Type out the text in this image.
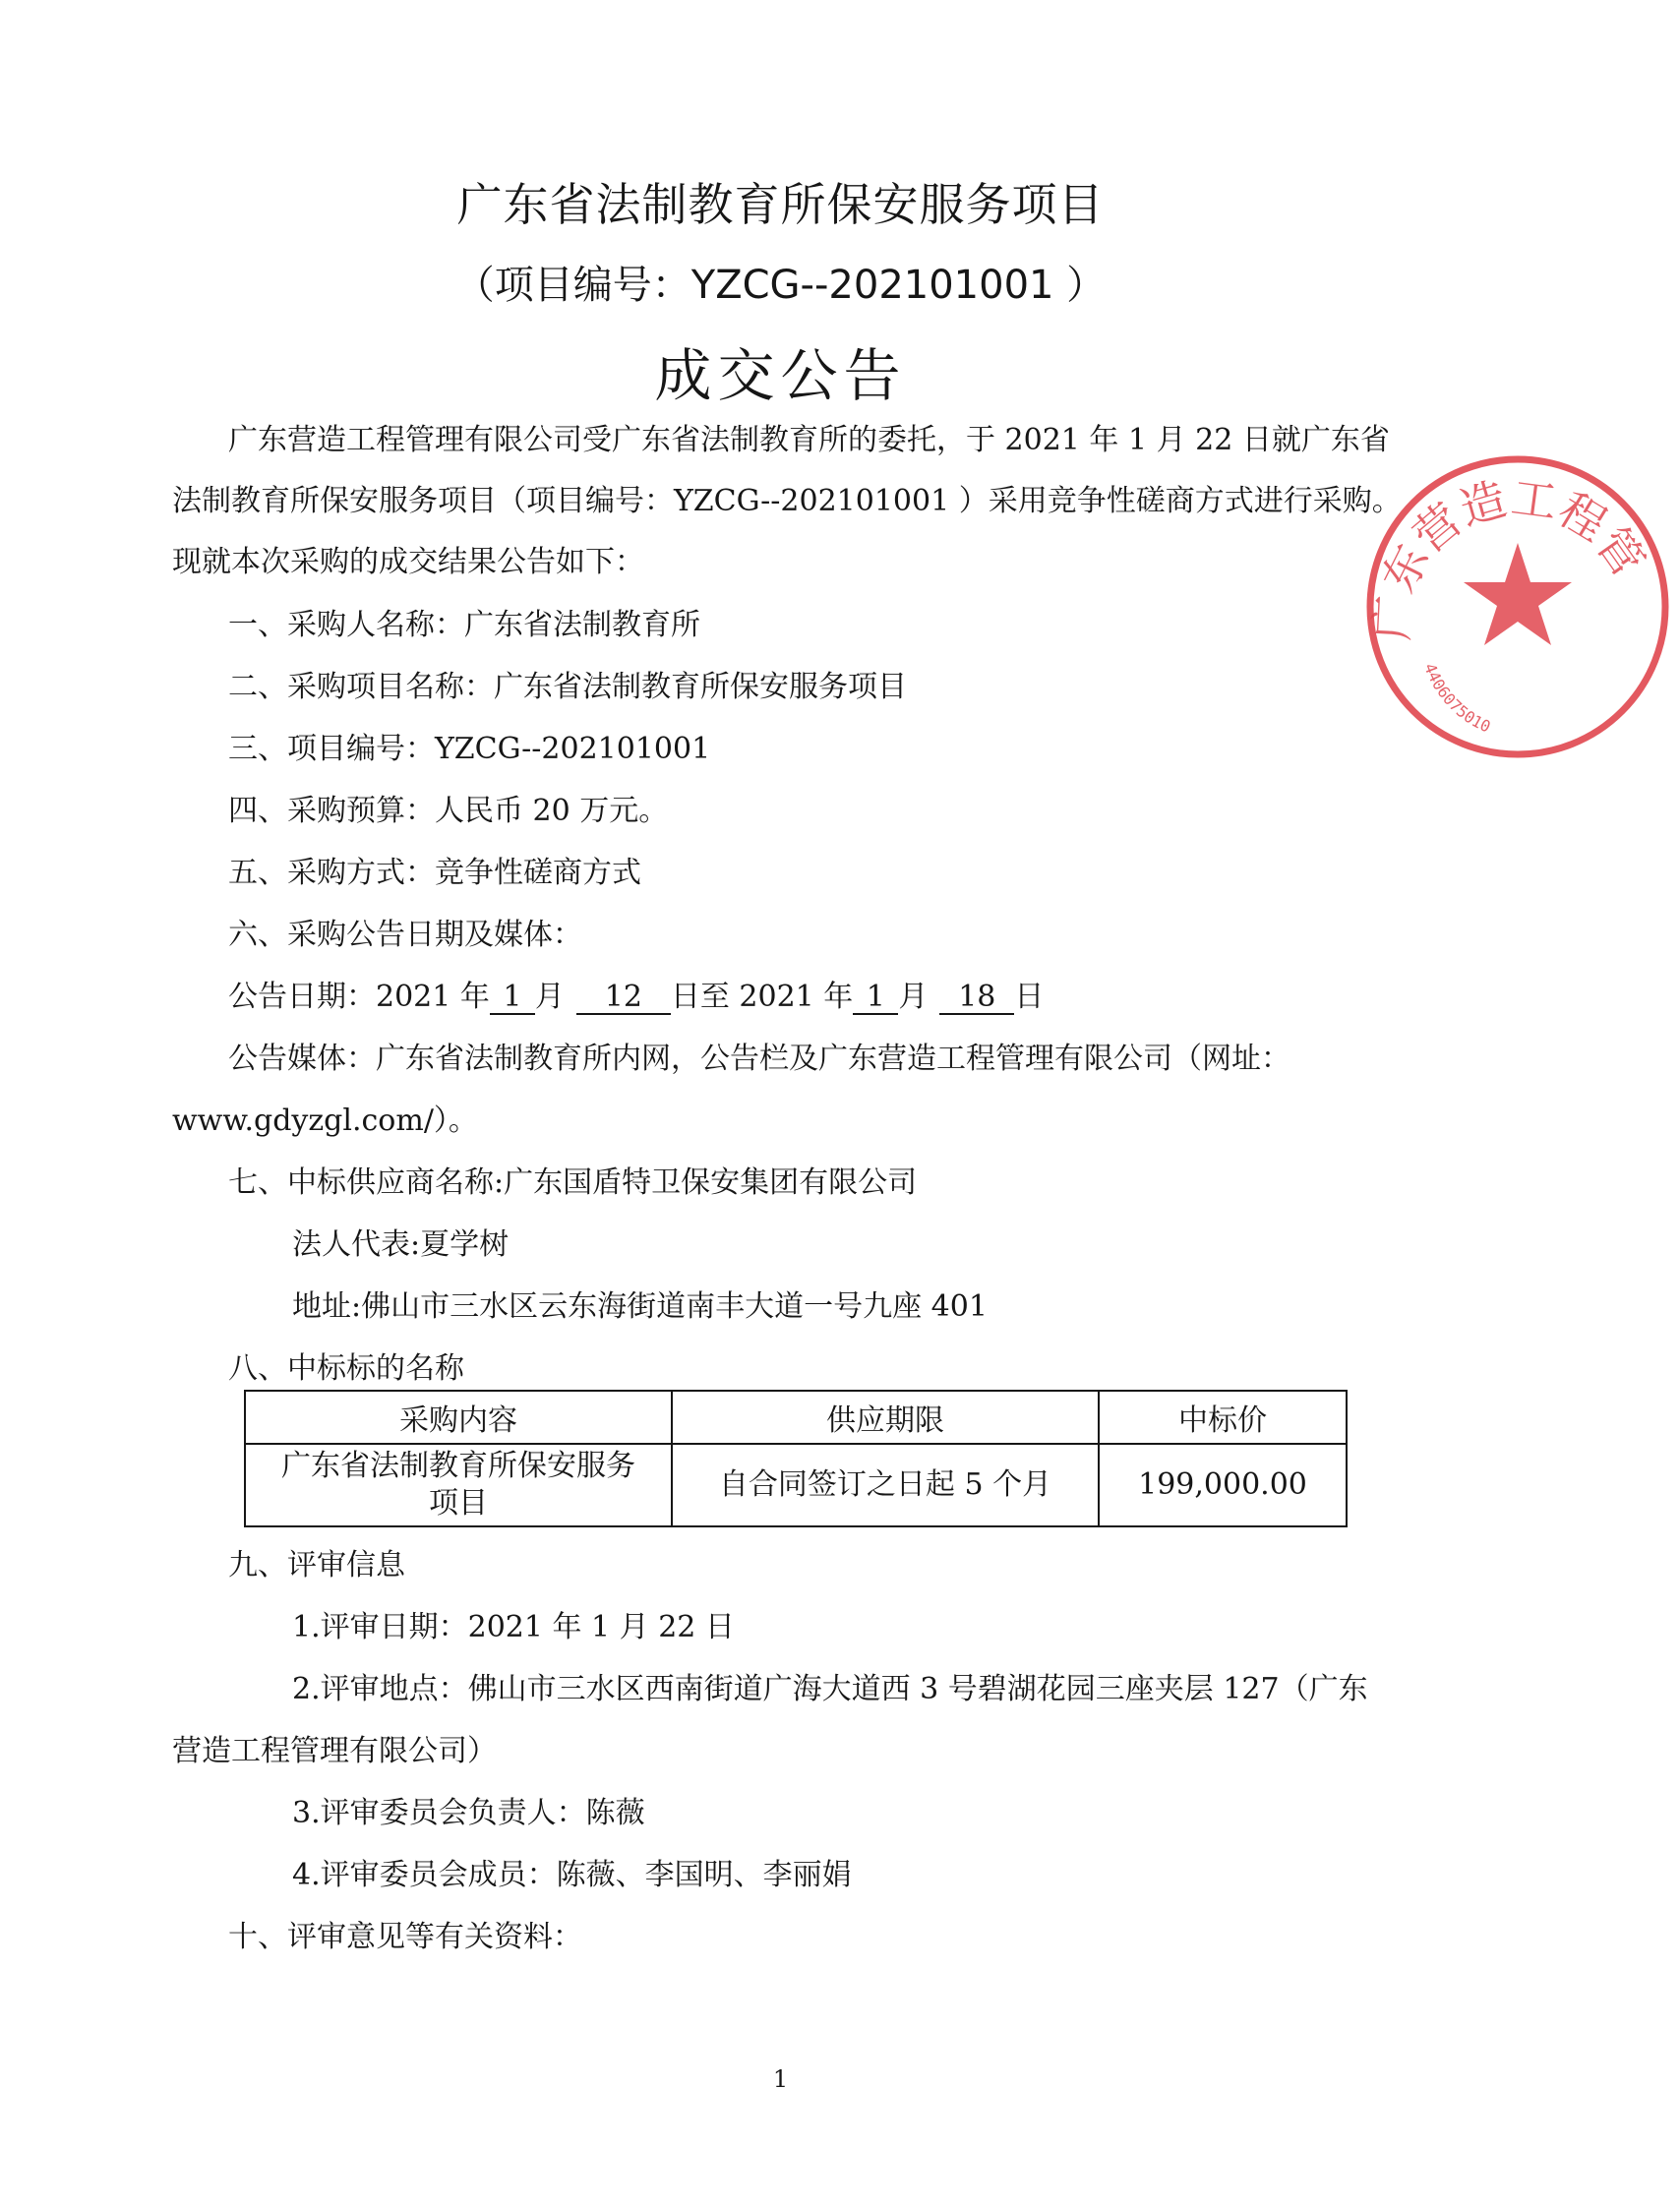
广东省法制教育所保安服务项目
（项目编号：YZCG--202101001 ）
成交公告
广东营造工程管理有限公司受广东省法制教育所的委托，于 2021 年 1 月 22 日就广东省
法制教育所保安服务项目（项目编号：YZCG--202101001 ）采用竞争性磋商方式进行采购。
现就本次采购的成交结果公告如下：
一、采购人名称：广东省法制教育所
二、采购项目名称：广东省法制教育所保安服务项目
三、项目编号：YZCG--202101001
四、采购预算：人民币 20 万元。
五、采购方式：竞争性磋商方式
六、采购公告日期及媒体：
公告日期：2021 年 1 月 12 日至 2021 年 1 月 18 日
公告媒体：广东省法制教育所内网，公告栏及广东营造工程管理有限公司（网址：
www.gdyzgl.com/）。
七、中标供应商名称:广东国盾特卫保安集团有限公司
法人代表:夏学树
地址:佛山市三水区云东海街道南丰大道一号九座 401
八、中标标的名称
采购内容	供应期限	中标价

广东省法制教育所保安服务
项目	自合同签订之日起 5 个月	199,000.00
九、评审信息
1.评审日期：2021 年 1 月 22 日
2.评审地点：佛山市三水区西南街道广海大道西 3 号碧湖花园三座夹层 127（广东
营造工程管理有限公司）
3.评审委员会负责人：陈薇
4.评审委员会成员：陈薇、李国明、李丽娟
十、评审意见等有关资料：
1
广东营造工程管
4406075010
